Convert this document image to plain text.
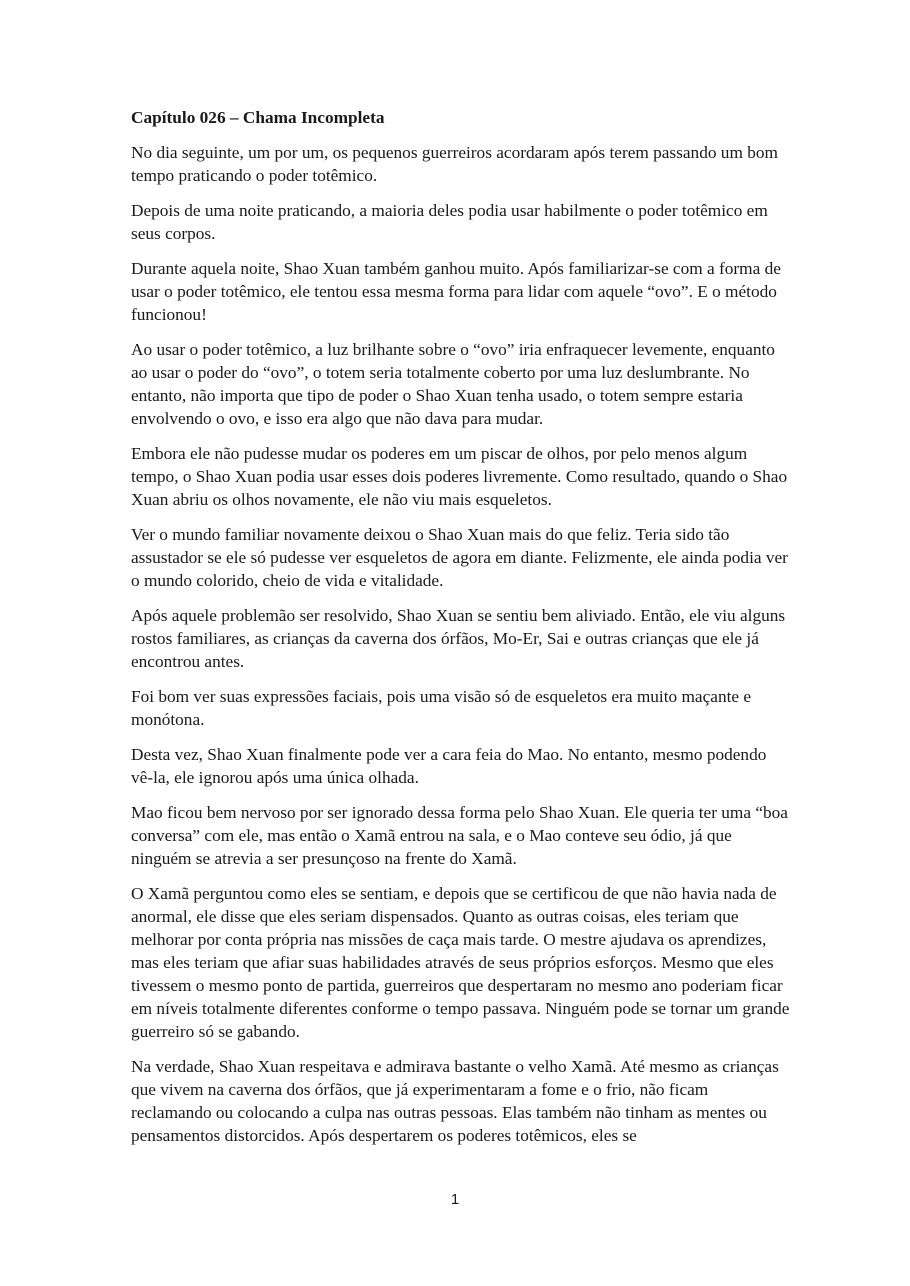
Capítulo 026 – Chama Incompleta

No dia seguinte, um por um, os pequenos guerreiros acordaram após terem passando um bom tempo praticando o poder totêmico.

Depois de uma noite praticando, a maioria deles podia usar habilmente o poder totêmico em seus corpos.

Durante aquela noite, Shao Xuan também ganhou muito. Após familiarizar-se com a forma de usar o poder totêmico, ele tentou essa mesma forma para lidar com aquele “ovo”. E o método funcionou!

Ao usar o poder totêmico, a luz brilhante sobre o “ovo” iria enfraquecer levemente, enquanto ao usar o poder do “ovo”, o totem seria totalmente coberto por uma luz deslumbrante. No entanto, não importa que tipo de poder o Shao Xuan tenha usado, o totem sempre estaria envolvendo o ovo, e isso era algo que não dava para mudar.

Embora ele não pudesse mudar os poderes em um piscar de olhos, por pelo menos algum tempo, o Shao Xuan podia usar esses dois poderes livremente. Como resultado, quando o Shao Xuan abriu os olhos novamente, ele não viu mais esqueletos.

Ver o mundo familiar novamente deixou o Shao Xuan mais do que feliz. Teria sido tão assustador se ele só pudesse ver esqueletos de agora em diante. Felizmente, ele ainda podia ver o mundo colorido, cheio de vida e vitalidade.

Após aquele problemão ser resolvido, Shao Xuan se sentiu bem aliviado. Então, ele viu alguns rostos familiares, as crianças da caverna dos órfãos, Mo-Er, Sai e outras crianças que ele já encontrou antes.

Foi bom ver suas expressões faciais, pois uma visão só de esqueletos era muito maçante e monótona.

Desta vez, Shao Xuan finalmente pode ver a cara feia do Mao. No entanto, mesmo podendo vê-la, ele ignorou após uma única olhada.

Mao ficou bem nervoso por ser ignorado dessa forma pelo Shao Xuan. Ele queria ter uma “boa conversa” com ele, mas então o Xamã entrou na sala, e o Mao conteve seu ódio, já que ninguém se atrevia a ser presunçoso na frente do Xamã.

O Xamã perguntou como eles se sentiam, e depois que se certificou de que não havia nada de anormal, ele disse que eles seriam dispensados. Quanto as outras coisas, eles teriam que melhorar por conta própria nas missões de caça mais tarde. O mestre ajudava os aprendizes, mas eles teriam que afiar suas habilidades através de seus próprios esforços. Mesmo que eles tivessem o mesmo ponto de partida, guerreiros que despertaram no mesmo ano poderiam ficar em níveis totalmente diferentes conforme o tempo passava. Ninguém pode se tornar um grande guerreiro só se gabando.

Na verdade, Shao Xuan respeitava e admirava bastante o velho Xamã. Até mesmo as crianças que vivem na caverna dos órfãos, que já experimentaram a fome e o frio, não ficam reclamando ou colocando a culpa nas outras pessoas. Elas também não tinham as mentes ou pensamentos distorcidos. Após despertarem os poderes totêmicos, eles se

1
